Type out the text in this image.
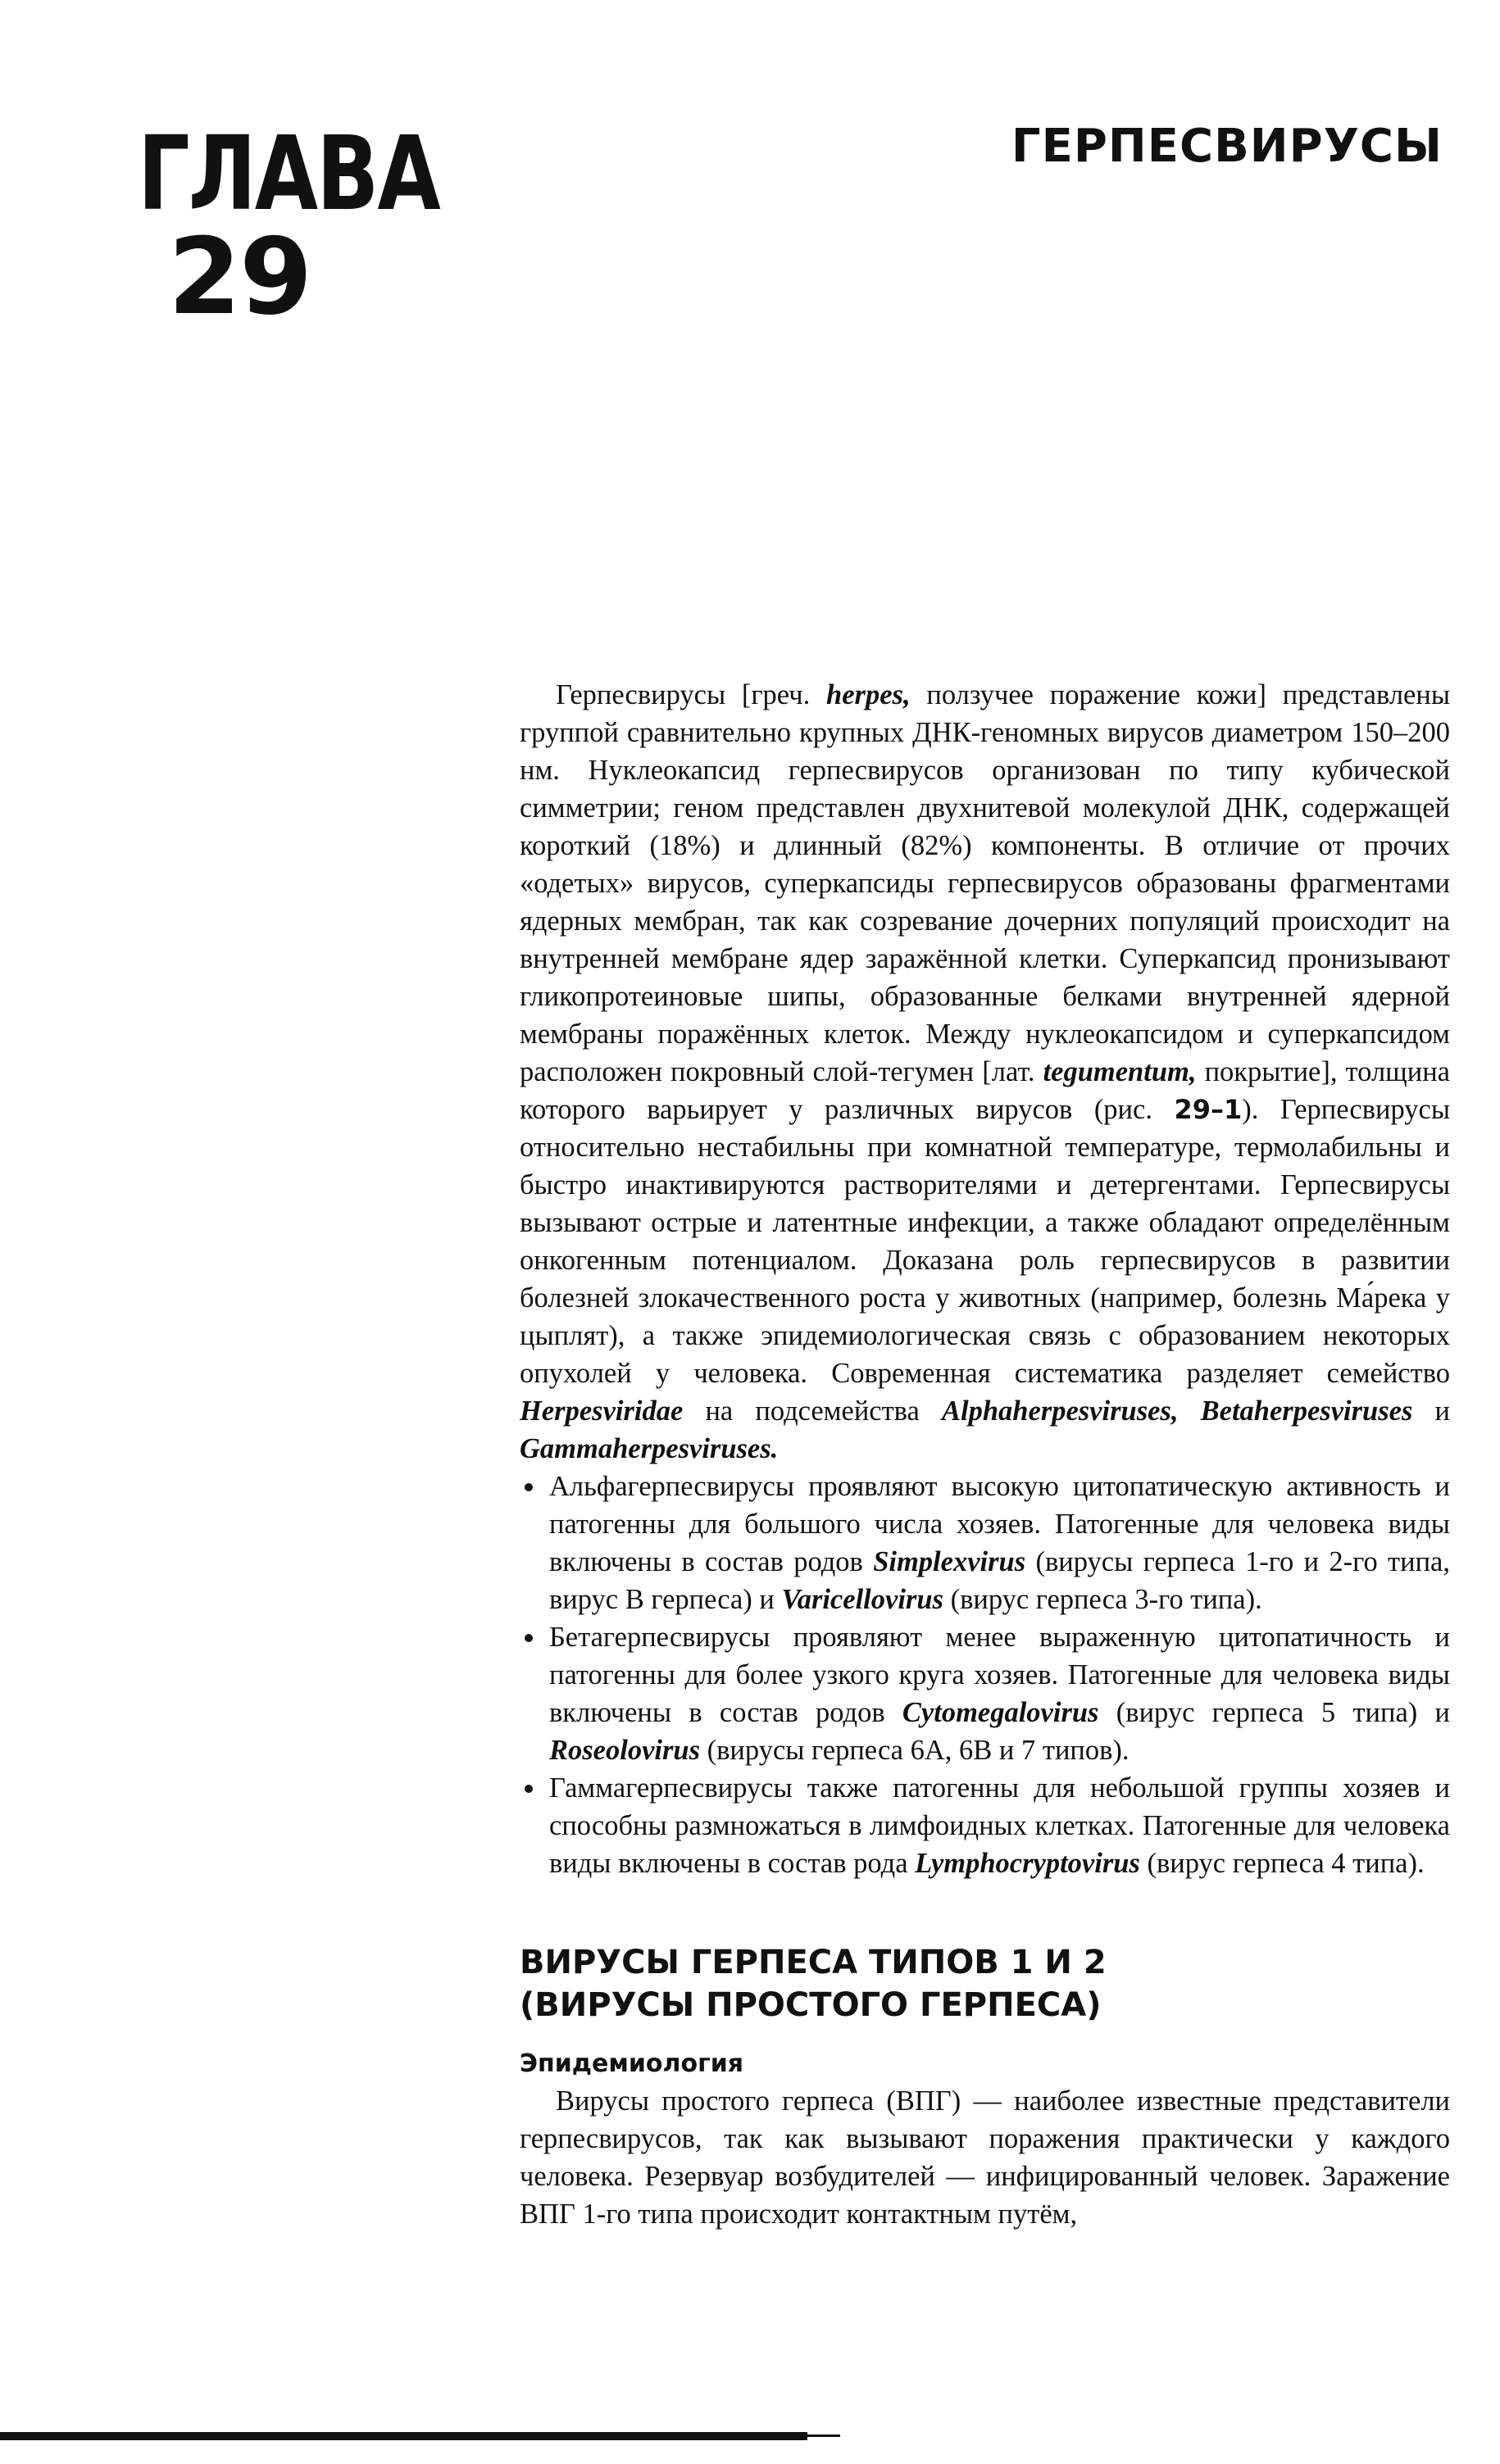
ГЛАВА
29
ГЕРПЕСВИРУСЫ

Герпесвирусы [греч. herpes, ползучее поражение кожи] представлены группой сравнительно крупных ДНК-геномных вирусов диаметром 150–200 нм. Нуклеокапсид герпесвирусов организован по типу кубической симметрии; геном представлен двухнитевой молекулой ДНК, содержащей короткий (18%) и длинный (82%) компоненты. В отличие от прочих «одетых» вирусов, суперкапсиды герпесвирусов образованы фрагментами ядерных мембран, так как созревание дочерних популяций происходит на внутренней мембране ядер заражённой клетки. Суперкапсид пронизывают гликопротеиновые шипы, образованные белками внутренней ядерной мембраны поражённых клеток. Между нуклеокапсидом и суперкапсидом расположен покровный слой-тегумен [лат. tegumentum, покрытие], толщина которого варьирует у различных вирусов (рис. 29–1). Герпесвирусы относительно нестабильны при комнатной температуре, термолабильны и быстро инактивируются растворителями и детергентами. Герпесвирусы вызывают острые и латентные инфекции, а также обладают определённым онкогенным потенциалом. Доказана роль герпесвирусов в развитии болезней злокачественного роста у животных (например, болезнь Ма́река у цыплят), а также эпидемиологическая связь с образованием некоторых опухолей у человека. Современная систематика разделяет семейство Herpesviridae на подсемейства Alphaherpesviruses, Betaherpesviruses и Gammaherpesviruses.

Альфагерпесвирусы проявляют высокую цитопатическую активность и патогенны для большого числа хозяев. Патогенные для человека виды включены в состав родов Simplexvirus (вирусы герпеса 1-го и 2-го типа, вирус В герпеса) и Varicellovirus (вирус герпеса 3-го типа).
Бетагерпесвирусы проявляют менее выраженную цитопатичность и патогенны для более узкого круга хозяев. Патогенные для человека виды включены в состав родов Cytomegalovirus (вирус герпеса 5 типа) и Roseolovirus (вирусы герпеса 6А, 6В и 7 типов).
Гаммагерпесвирусы также патогенны для небольшой группы хозяев и способны размножаться в лимфоидных клетках. Патогенные для человека виды включены в состав рода Lymphocryptovirus (вирус герпеса 4 типа).
ВИРУСЫ ГЕРПЕСА ТИПОВ 1 И 2
(ВИРУСЫ ПРОСТОГО ГЕРПЕСА)
Эпидемиология

Вирусы простого герпеса (ВПГ) — наиболее известные представители герпесвирусов, так как вызывают поражения практически у каждого человека. Резервуар возбудителей — инфицированный человек. Заражение ВПГ 1-го типа происходит контактным путём,
